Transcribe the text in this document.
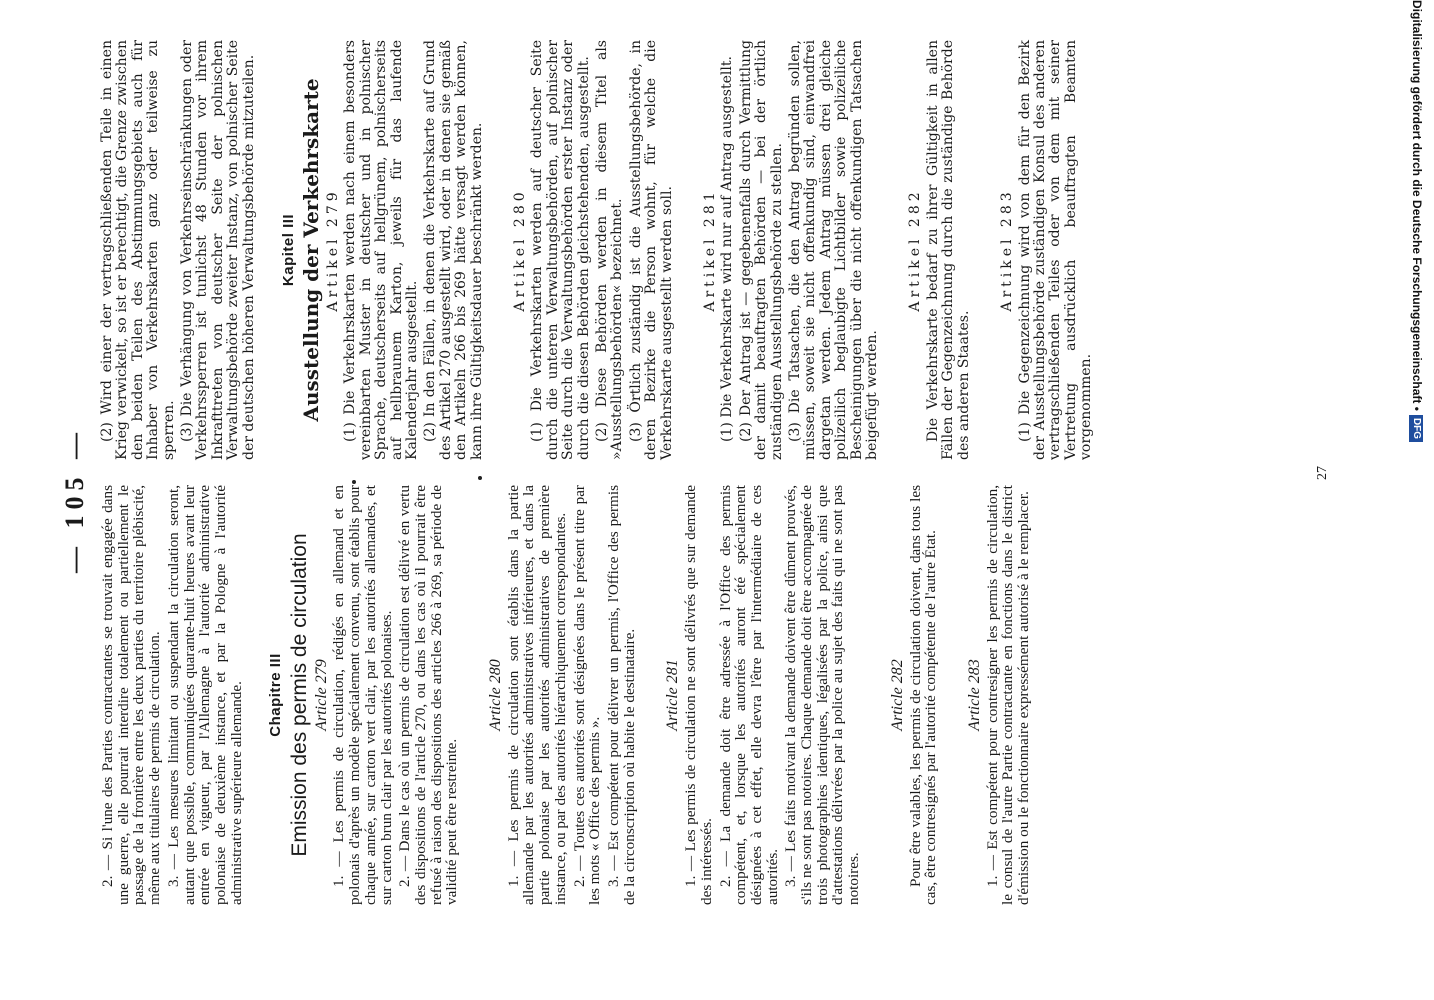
— 105 — 2. — Si l'une des Parties contractantes se trouvait engagée dans une guerre, elle pourrait interdire totalement ou partiellement le passage de la frontière entre les deux parties du territoire plébiscité, même aux titulaires de permis de circulation. 3. — Les mesures limitant ou suspendant la circulation seront, autant que possible, communiquées quarante-huit heures avant leur entrée en vigueur, par l'Allemagne à l'autorité administrative polonaise de deuxième instance, et par la Pologne à l'autorité administrative supérieure allemande. Chapitre III Emission des permis de circulation Article 279 1. — Les permis de circulation, rédigés en allemand et en polonais d'après un modèle spécialement convenu, sont établis pour chaque année, sur carton vert clair, par les autorités allemandes, et sur carton brun clair par les autorités polonaises. 2. — Dans le cas où un permis de circulation est délivré en vertu des dispositions de l'article 270, ou dans les cas où il pourrait être refusé à raison des dispositions des articles 266 à 269, sa période de validité peut être restreinte.

Article 280 1. — Les permis de circulation sont établis dans la partie allemande par les autorités administratives inférieures, et dans la partie polonaise par les autorités administratives de première instance, ou par des autorités hiérarchiquement correspondantes. 2. — Toutes ces autorités sont désignées dans le présent titre par les mots « Office des permis ». 3. — Est compétent pour délivrer un permis, l'Office des permis de la circonscription où habite le destinataire. Article 281 1. — Les permis de circulation ne sont délivrés que sur demande des intéressés. 2. — La demande doit être adressée à l'Office des permis compétent, et, lorsque les autorités auront été spécialement désignées à cet effet, elle devra l'être par l'intermédiaire de ces autorités. 3. — Les faits motivant la demande doivent être dûment prouvés, s'ils ne sont pas notoires. Chaque demande doit être accompagnée de trois photographies identiques, légalisées par la police, ainsi que d'attestations délivrées par la police au sujet des faits qui ne sont pas notoires.

Article 282 Pour être valables, les permis de circulation doivent, dans tous les cas, être contresignés par l'autorité compétente de l'autre État. Article 283 1. — Est compétent pour contresigner les permis de circulation, le consul de l'autre Partie contractante en fonctions dans le district d'émission ou le fonctionnaire expressément autorisé à le remplacer.

(2) Wird einer der vertragschließenden Teile in einen Krieg verwickelt, so ist er berechtigt, die Grenze zwischen den beiden Teilen des Abstimmungsgebiets auch für Inhaber von Verkehrskarten ganz oder teilweise zu sperren. (3) Die Verhängung von Verkehrseinschränkungen oder Verkehrssperren ist tunlichst 48 Stunden vor ihrem Inkrafttreten von deutscher Seite der polnischen Verwaltungsbehörde zweiter Instanz, von polnischer Seite der deutschen höheren Verwaltungsbehörde mitzuteilen. Kapitel III Ausstellung der Verkehrskarte Artikel 279 (1) Die Verkehrskarten werden nach einem besonders vereinbarten Muster in deutscher und in polnischer Sprache, deutscherseits auf hellgrünem, polnischerseits auf hellbraunem Karton, jeweils für das laufende Kalenderjahr ausgestellt. (2) In den Fällen, in denen die Verkehrskarte auf Grund des Artikel 270 ausgestellt wird, oder in denen sie gemäß den Artikeln 266 bis 269 hätte versagt werden können, kann ihre Gültigkeitsdauer beschränkt werden. Artikel 280 (1) Die Verkehrskarten werden auf deutscher Seite durch die unteren Verwaltungsbehörden, auf polnischer Seite durch die Verwaltungsbehörden erster Instanz oder durch die diesen Behörden gleichstehenden, ausgestellt. (2) Diese Behörden werden in diesem Titel als »Ausstellungsbehörden« bezeichnet. (3) Örtlich zuständig ist die Ausstellungsbehörde, in deren Bezirke die Person wohnt, für welche die Verkehrskarte ausgestellt werden soll. Artikel 281 (1) Die Verkehrskarte wird nur auf Antrag ausgestellt. (2) Der Antrag ist — gegebenenfalls durch Vermittlung der damit beauftragten Behörden — bei der örtlich zuständigen Ausstellungsbehörde zu stellen. (3) Die Tatsachen, die den Antrag begründen sollen, müssen, soweit sie nicht offenkundig sind, einwandfrei dargetan werden. Jedem Antrag müssen drei gleiche polizeilich beglaubigte Lichtbilder sowie polizeiliche Bescheinigungen über die nicht offenkundigen Tatsachen beigefügt werden.

Artikel 282 Die Verkehrskarte bedarf zu ihrer Gültigkeit in allen Fällen der Gegenzeichnung durch die zuständige Behörde des anderen Staates.

Artikel 283 (1) Die Gegenzeichnung wird von dem für den Bezirk der Ausstellungsbehörde zuständigen Konsul des anderen vertragschließenden Teiles oder von dem mit seiner Vertretung ausdrücklich beauftragten Beamten vorgenommen.

27
Digitalisierung gefördert durch die Deutsche Forschungsgemeinschaft •DFG
